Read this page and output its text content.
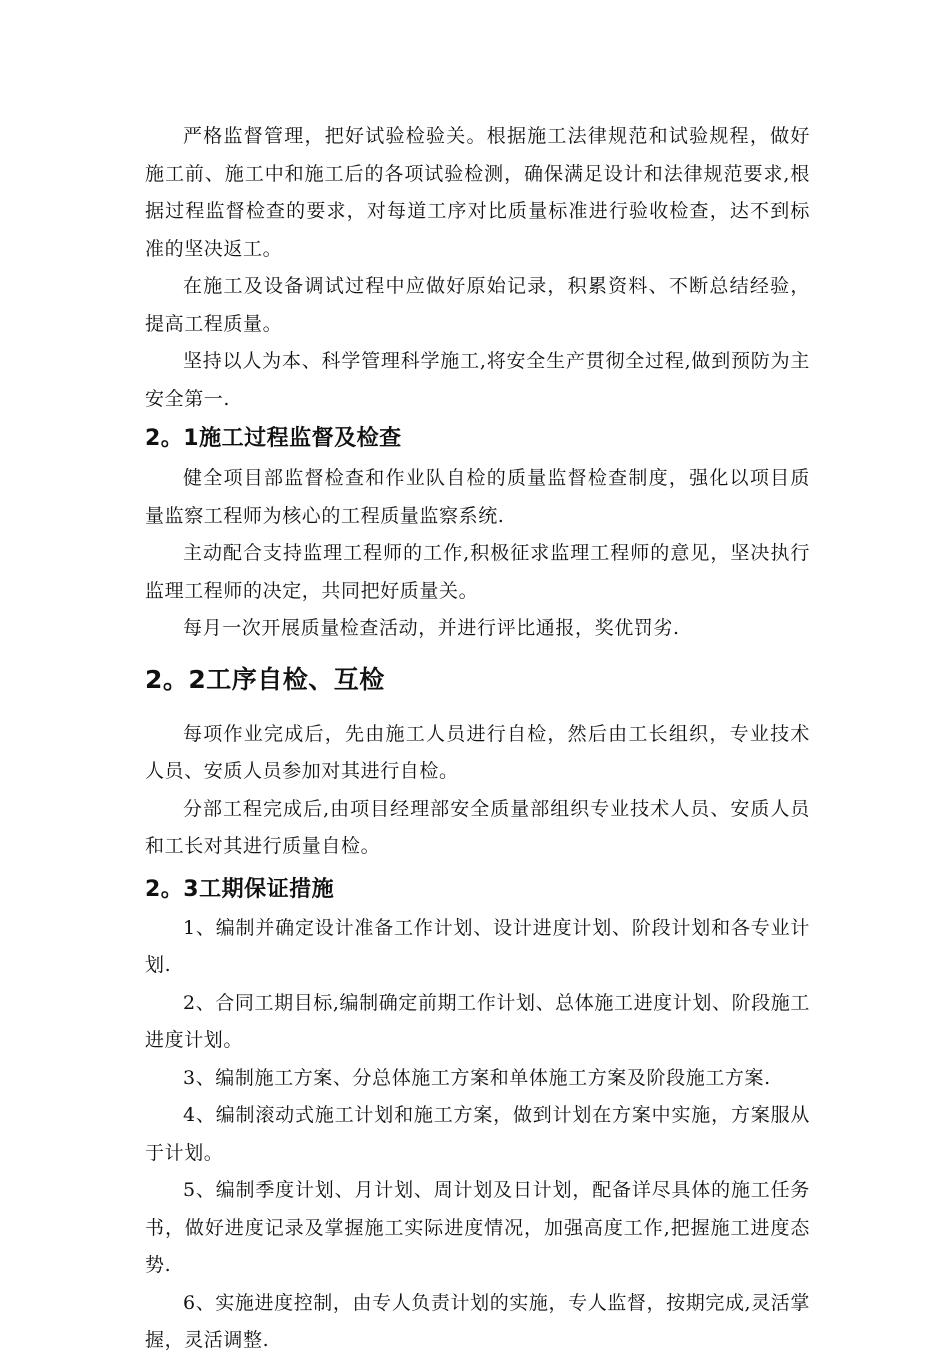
严格监督管理，把好试验检验关。根据施工法律规范和试验规程，做好施工前、施工中和施工后的各项试验检测，确保满足设计和法律规范要求,根据过程监督检查的要求，对每道工序对比质量标准进行验收检查，达不到标准的坚决返工。

在施工及设备调试过程中应做好原始记录，积累资料、不断总结经验，提高工程质量。

坚持以人为本、科学管理科学施工,将安全生产贯彻全过程,做到预防为主安全第一.

2。1施工过程监督及检查

健全项目部监督检查和作业队自检的质量监督检查制度，强化以项目质量监察工程师为核心的工程质量监察系统.

主动配合支持监理工程师的工作,积极征求监理工程师的意见，坚决执行监理工程师的决定，共同把好质量关。

每月一次开展质量检查活动，并进行评比通报，奖优罚劣.

2。2工序自检、互检

每项作业完成后，先由施工人员进行自检，然后由工长组织，专业技术人员、安质人员参加对其进行自检。

分部工程完成后,由项目经理部安全质量部组织专业技术人员、安质人员和工长对其进行质量自检。

2。3工期保证措施

1、编制并确定设计准备工作计划、设计进度计划、阶段计划和各专业计划.

2、合同工期目标,编制确定前期工作计划、总体施工进度计划、阶段施工进度计划。

3、编制施工方案、分总体施工方案和单体施工方案及阶段施工方案.

4、编制滚动式施工计划和施工方案，做到计划在方案中实施，方案服从于计划。

5、编制季度计划、月计划、周计划及日计划，配备详尽具体的施工任务书，做好进度记录及掌握施工实际进度情况，加强高度工作,把握施工进度态势.

6、实施进度控制，由专人负责计划的实施，专人监督，按期完成,灵活掌握，灵活调整.
